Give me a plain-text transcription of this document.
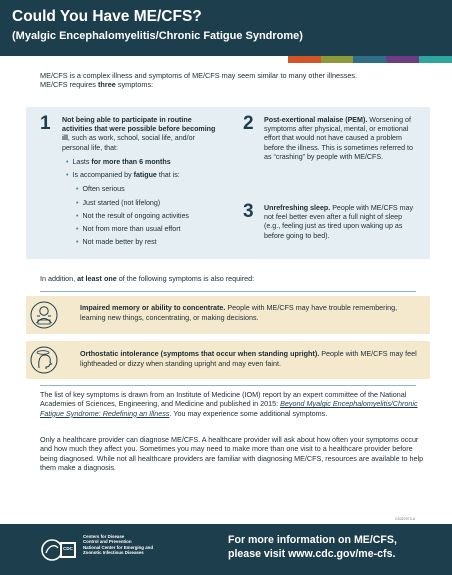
Could You Have ME/CFS?
(Myalgic Encephalomyelitis/Chronic Fatigue Syndrome)
ME/CFS is a complex illness and symptoms of ME/CFS may seem similar to many other illnesses.
ME/CFS requires three symptoms:
1 Not being able to participate in routine activities that were possible before becoming ill, such as work, school, social life, and/or personal life, that:
• Lasts for more than 6 months
• Is accompanied by fatigue that is:
• Often serious
• Just started (not lifelong)
• Not the result of ongoing activities
• Not from more than usual effort
• Not made better by rest
2 Post-exertional malaise (PEM). Worsening of symptoms after physical, mental, or emotional effort that would not have caused a problem before the illness. This is sometimes referred to as “crashing” by people with ME/CFS.
3 Unrefreshing sleep. People with ME/CFS may not feel better even after a full night of sleep (e.g., feeling just as tired upon waking up as before going to bed).
In addition, at least one of the following symptoms is also required:
Impaired memory or ability to concentrate. People with ME/CFS may have trouble remembering, learning new things, concentrating, or making decisions.
Orthostatic intolerance (symptoms that occur when standing upright). People with ME/CFS may feel lightheaded or dizzy when standing upright and may even faint.
The list of key symptoms is drawn from an Institute of Medicine (IOM) report by an expert committee of the National Academies of Sciences, Engineering, and Medicine and published in 2015: Beyond Myalgic Encephalomyelitis/Chronic Fatigue Syndrome: Redefining an Illness. You may experience some additional symptoms.
Only a healthcare provider can diagnose ME/CFS. A healthcare provider will ask about how often your symptoms occur and how much they affect you. Sometimes you may need to make more than one visit to a healthcare provider before being diagnosed. While not all healthcare providers are familiar with diagnosing ME/CFS, resources are available to help them make a diagnosis.
CS322973-A
CDC
Centers for Disease
Control and Prevention
National Center for Emerging and
Zoonotic Infectious Diseases
For more information on ME/CFS,
please visit www.cdc.gov/me-cfs.
